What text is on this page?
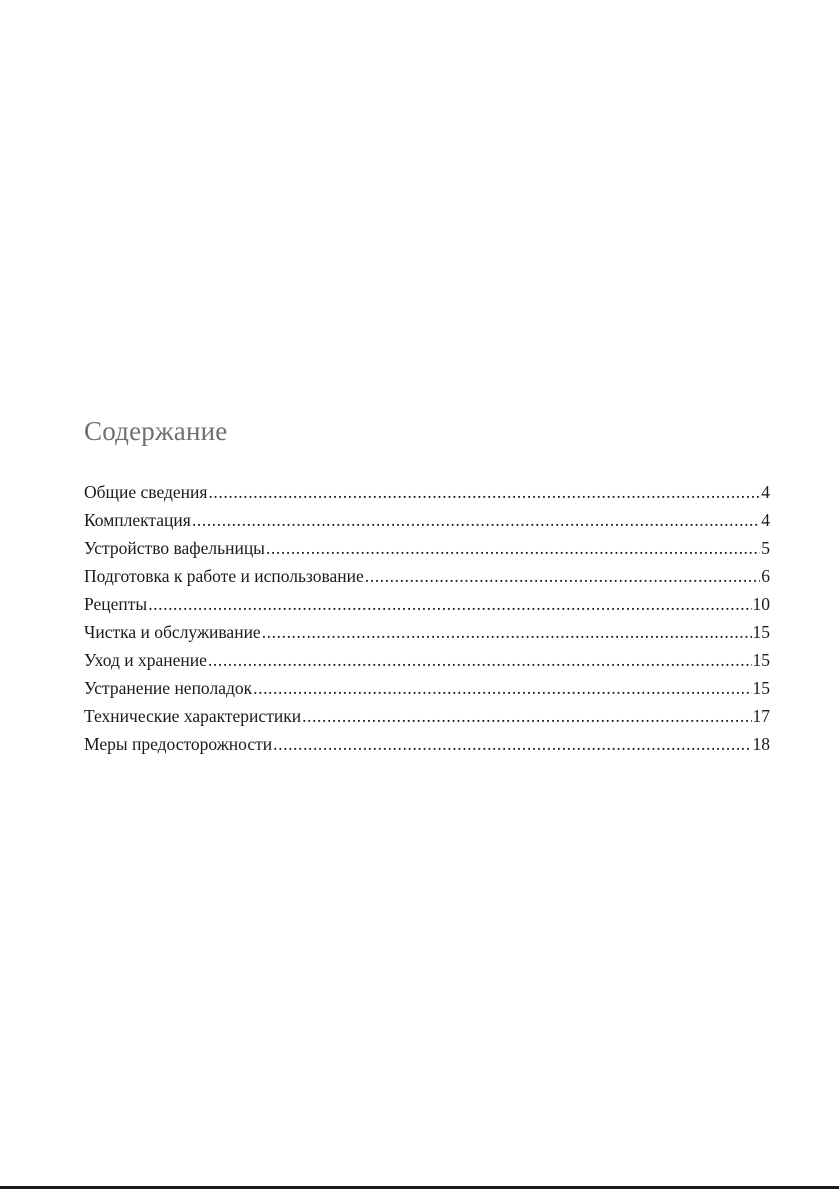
Содержание
Общие сведения .....	4
Комплектация .....	4
Устройство вафельницы .....	5
Подготовка к работе и использование .....	6
Рецепты .....	10
Чистка и обслуживание .....	15
Уход и хранение .....	15
Устранение неполадок .....	15
Технические характеристики .....	17
Меры предосторожности .....	18
